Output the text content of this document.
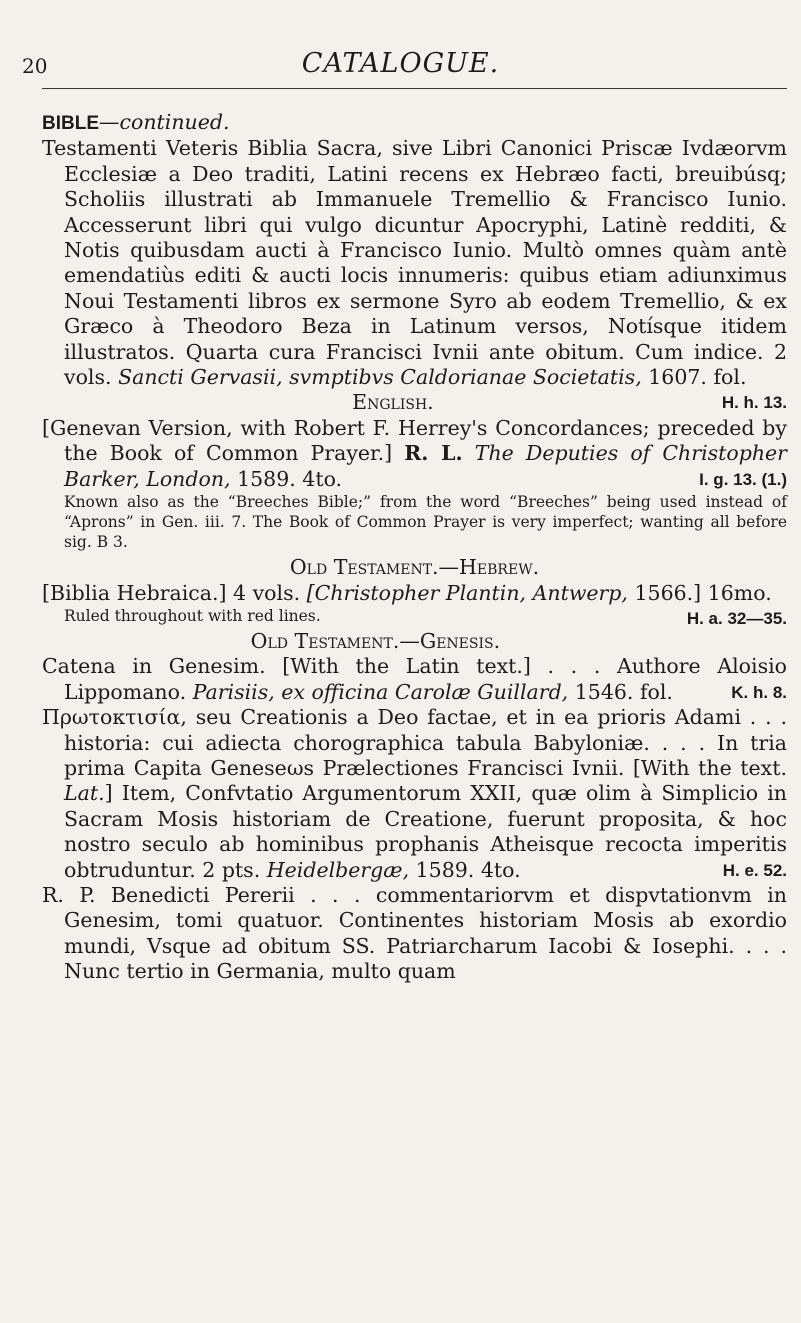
20	CATALOGUE.
BIBLE—continued.

Testamenti Veteris Biblia Sacra, sive Libri Canonici Priscæ Ivdæorvm Ecclesiæ a Deo traditi, Latini recens ex Hebræo facti, breuibúsq; Scholiis illustrati ab Immanuele Tremellio & Francisco Iunio. Accesserunt libri qui vulgo dicuntur Apocryphi, Latinè redditi, & Notis quibusdam aucti à Francisco Iunio. Multò omnes quàm antè emendatiùs editi & aucti locis innumeris: quibus etiam adiunximus Noui Testamenti libros ex sermone Syro ab eodem Tremellio, & ex Græco à Theodoro Beza in Latinum versos, Notísque itidem illustratos. Quarta cura Francisci Ivnii ante obitum. Cum indice. 2 vols. Sancti Gervasii, svmptibvs Caldorianae Societatis, 1607. fol.
H. h. 13.

English.

[Genevan Version, with Robert F. Herrey's Concordances; preceded by the Book of Common Prayer.] R. L. The Deputies of Christopher Barker, London, 1589. 4to.	I. g. 13. (1.)

Known also as the “Breeches Bible;” from the word “Breeches” being used instead of “Aprons” in Gen. iii. 7. The Book of Common Prayer is very imperfect; wanting all before sig. B 3.
Old Testament.—Hebrew.

[Biblia Hebraica.] 4 vols. [Christopher Plantin, Antwerp, 1566.] 16mo.
H. a. 32—35.

Ruled throughout with red lines.
Old Testament.—Genesis.

Catena in Genesim. [With the Latin text.] . . . Authore Aloisio Lippomano. Parisiis, ex officina Carolæ Guillard, 1546. fol.	K. h. 8.

Πρωτοκτισία, seu Creationis a Deo factae, et in ea prioris Adami . . . historia: cui adiecta chorographica tabula Babyloniæ. . . . In tria prima Capita Geneseωs Prælectiones Francisci Ivnii. [With the text. Lat.] Item, Confvtatio Argumentorum XXII, quæ olim à Simplicio in Sacram Mosis historiam de Creatione, fuerunt proposita, & hoc nostro seculo ab hominibus prophanis Atheisque recocta imperitis obtruduntur. 2 pts. Heidelbergæ, 1589. 4to.	H. e. 52.

R. P. Benedicti Pererii . . . commentariorvm et dispvtationvm in Genesim, tomi quatuor. Continentes historiam Mosis ab exordio mundi, Vsque ad obitum SS. Patriarcharum Iacobi & Iosephi. . . . Nunc tertio in Germania, multo quam
